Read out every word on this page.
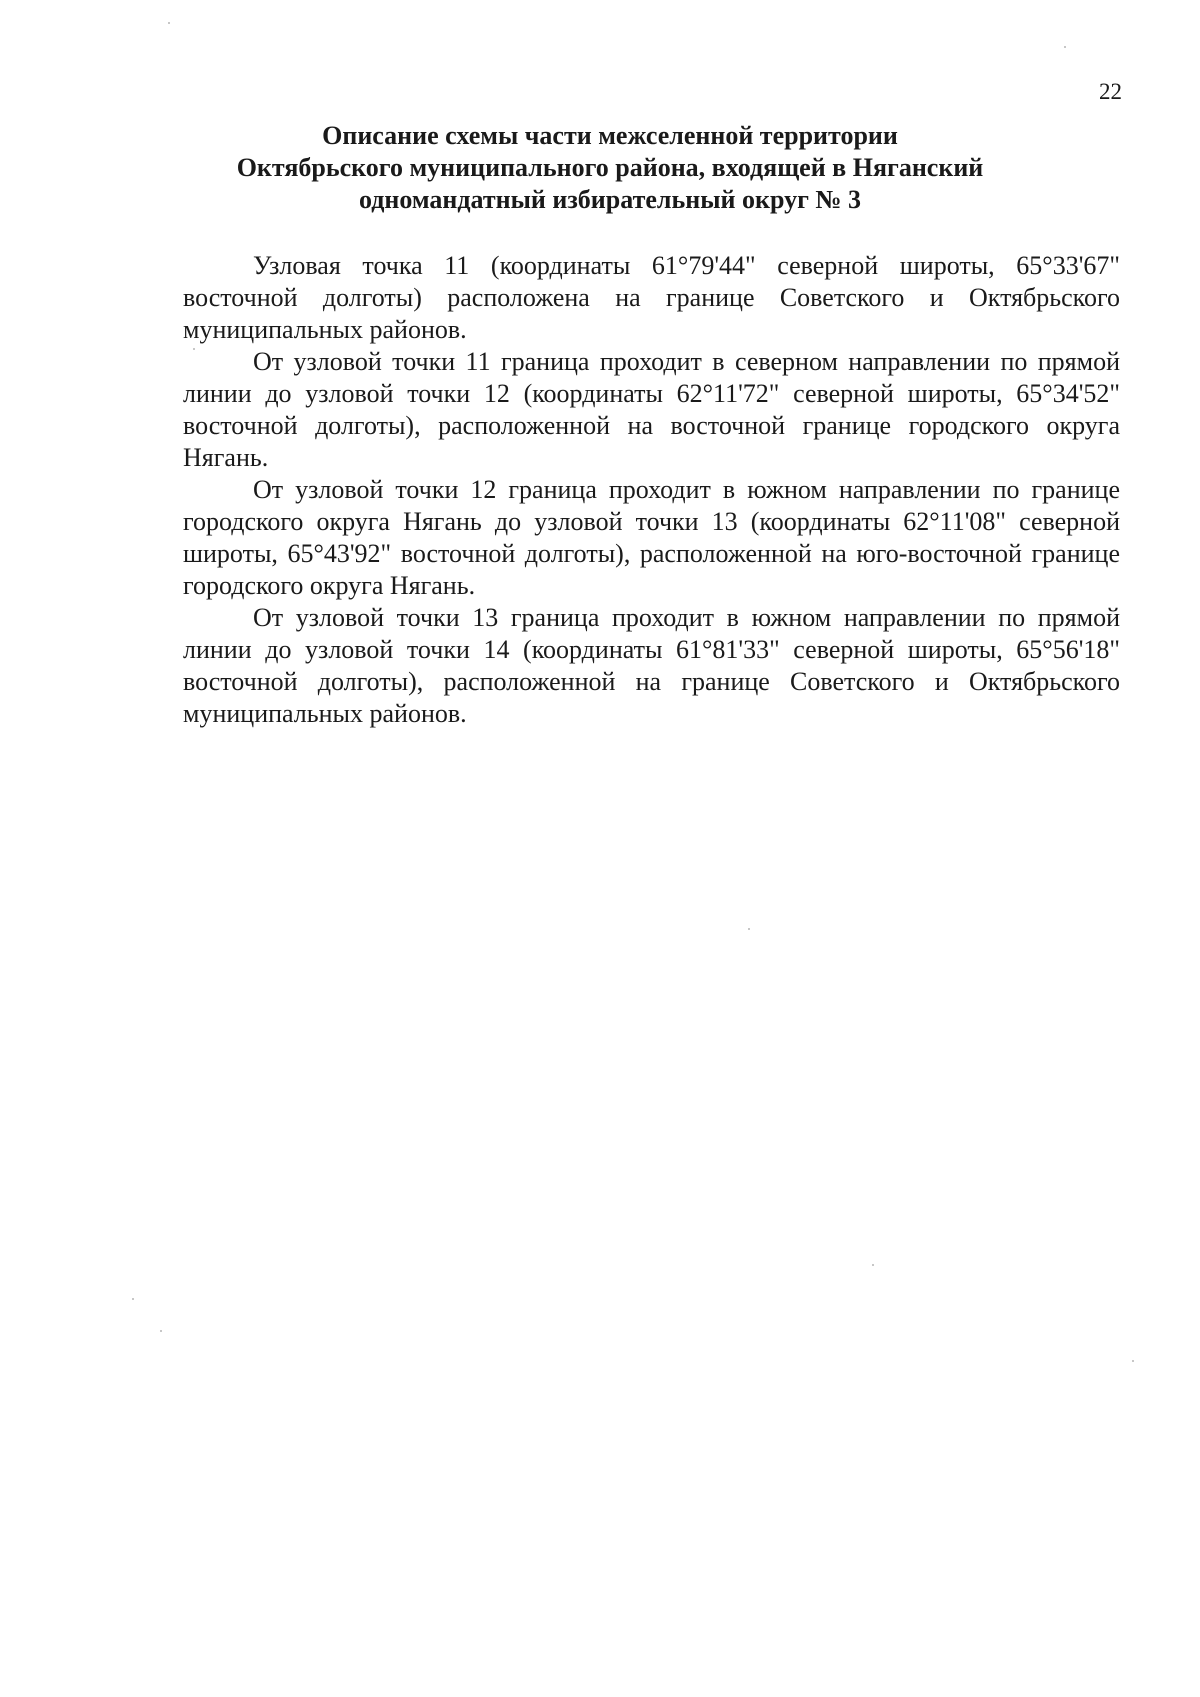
22
Описание схемы части межселенной территории
Октябрьского муниципального района, входящей в Няганский
одномандатный избирательный округ № 3

Узловая точка 11 (координаты 61°79'44" северной широты, 65°33'67" восточной долготы) расположена на границе Советского и Октябрьского муниципальных районов.

От узловой точки 11 граница проходит в северном направлении по прямой линии до узловой точки 12 (координаты 62°11'72" северной широты, 65°34'52" восточной долготы), расположенной на восточной границе городского округа Нягань.

От узловой точки 12 граница проходит в южном направлении по границе городского округа Нягань до узловой точки 13 (координаты 62°11'08" северной широты, 65°43'92" восточной долготы), расположенной на юго-восточной границе городского округа Нягань.

От узловой точки 13 граница проходит в южном направлении по прямой линии до узловой точки 14 (координаты 61°81'33" северной широты, 65°56'18" восточной долготы), расположенной на границе Советского и Октябрьского муниципальных районов.
